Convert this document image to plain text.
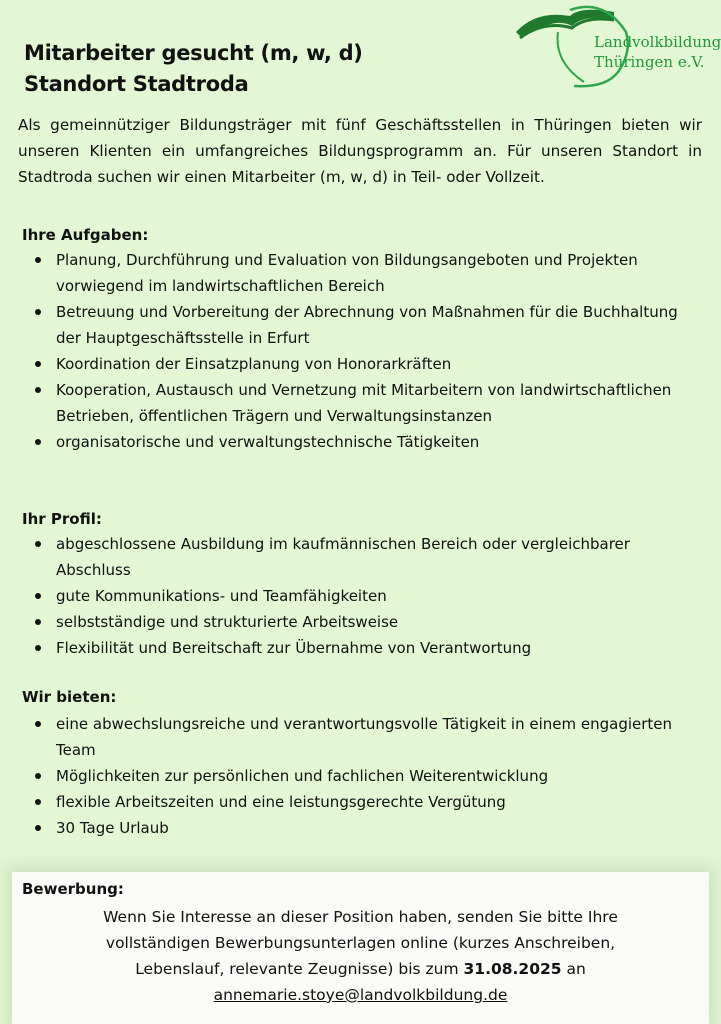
Landvolkbildung
Thüringen e.V.
Mitarbeiter gesucht (m, w, d)
Standort Stadtroda
Als gemeinnütziger Bildungsträger mit fünf Geschäftsstellen in Thüringen bieten wir unseren Klienten ein umfangreiches Bildungsprogramm an. Für unseren Standort in Stadtroda suchen wir einen Mitarbeiter (m, w, d) in Teil- oder Vollzeit.
Ihre Aufgaben:
Planung, Durchführung und Evaluation von Bildungsangeboten und Projekten vorwiegend im landwirtschaftlichen Bereich
Betreuung und Vorbereitung der Abrechnung von Maßnahmen für die Buchhaltung der Hauptgeschäftsstelle in Erfurt
Koordination der Einsatzplanung von Honorarkräften
Kooperation, Austausch und Vernetzung mit Mitarbeitern von landwirtschaftlichen Betrieben, öffentlichen Trägern und Verwaltungsinstanzen
organisatorische und verwaltungstechnische Tätigkeiten
Ihr Profil:
abgeschlossene Ausbildung im kaufmännischen Bereich oder vergleichbarer Abschluss
gute Kommunikations- und Teamfähigkeiten
selbstständige und strukturierte Arbeitsweise
Flexibilität und Bereitschaft zur Übernahme von Verantwortung
Wir bieten:
eine abwechslungsreiche und verantwortungsvolle Tätigkeit in einem engagierten Team
Möglichkeiten zur persönlichen und fachlichen Weiterentwicklung
flexible Arbeitszeiten und eine leistungsgerechte Vergütung
30 Tage Urlaub
Bewerbung:
Wenn Sie Interesse an dieser Position haben, senden Sie bitte Ihre
vollständigen Bewerbungsunterlagen online (kurzes Anschreiben,
Lebenslauf, relevante Zeugnisse) bis zum 31.08.2025 an
annemarie.stoye@landvolkbildung.de
